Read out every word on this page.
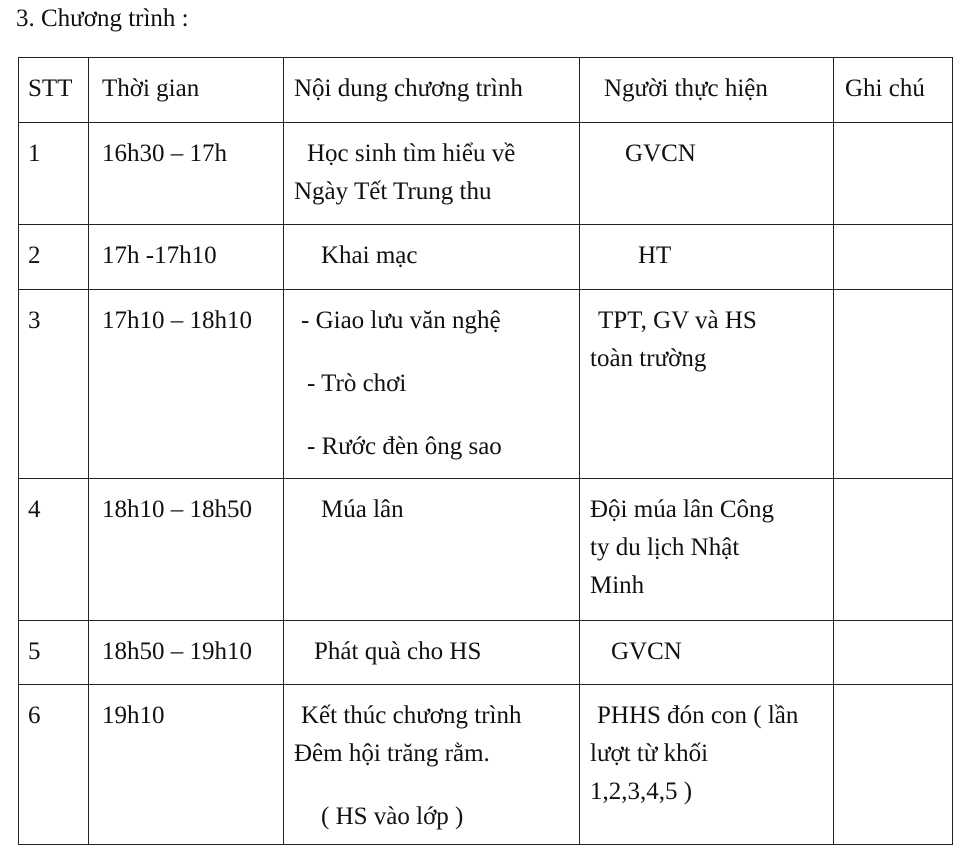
3. Chương trình :
STT	Thời gian	Nội dung chương trình	Người thực hiện	Ghi chú
1	16h30 – 17h	Học sinh tìm hiểu về
Ngày Tết Trung thu	GVCN	

2	17h -17h10	Khai mạc	HT	

3	17h10 – 18h10	- Giao lưu văn nghệ
- Trò chơi
- Rước đèn ông sao	TPT, GV và HS
toàn trường	

4	18h10 – 18h50	Múa lân	Đội múa lân Công
ty du lịch Nhật
Minh	

5	18h50 – 19h10	Phát quà cho HS	GVCN	

6	19h10	Kết thúc chương trình
Đêm hội trăng rằm.
( HS vào lớp )	PHHS đón con ( lần
lượt từ khối
1,2,3,4,5 )	
